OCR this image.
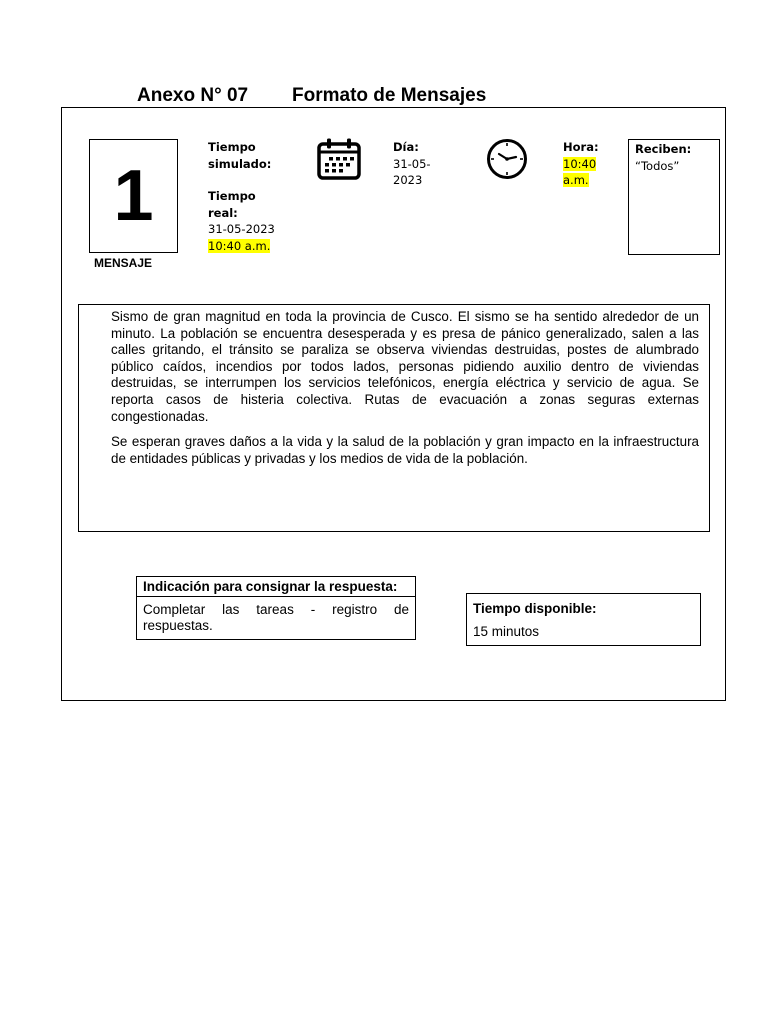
Anexo N° 07 Formato de Mensajes
1
MENSAJE
Tiempo
simulado:
Tiempo
real:
31-05-2023
10:40 a.m.
Día:
31-05-
2023
Hora:
10:40
a.m.
Reciben:
“Todos”

Sismo de gran magnitud en toda la provincia de Cusco. El sismo se ha sentido alrededor de un minuto. La población se encuentra desesperada y es presa de pánico generalizado, salen a las calles gritando, el tránsito se paraliza se observa viviendas destruidas, postes de alumbrado público caídos, incendios por todos lados, personas pidiendo auxilio dentro de viviendas destruidas, se interrumpen los servicios telefónicos, energía eléctrica y servicio de agua. Se reporta casos de histeria colectiva. Rutas de evacuación a zonas seguras externas congestionadas.

Se esperan graves daños a la vida y la salud de la población y gran impacto en la infraestructura de entidades públicas y privadas y los medios de vida de la población.

Indicación para consignar la respuesta:
Completar las tareas - registro de respuestas.
Tiempo disponible:
15 minutos
